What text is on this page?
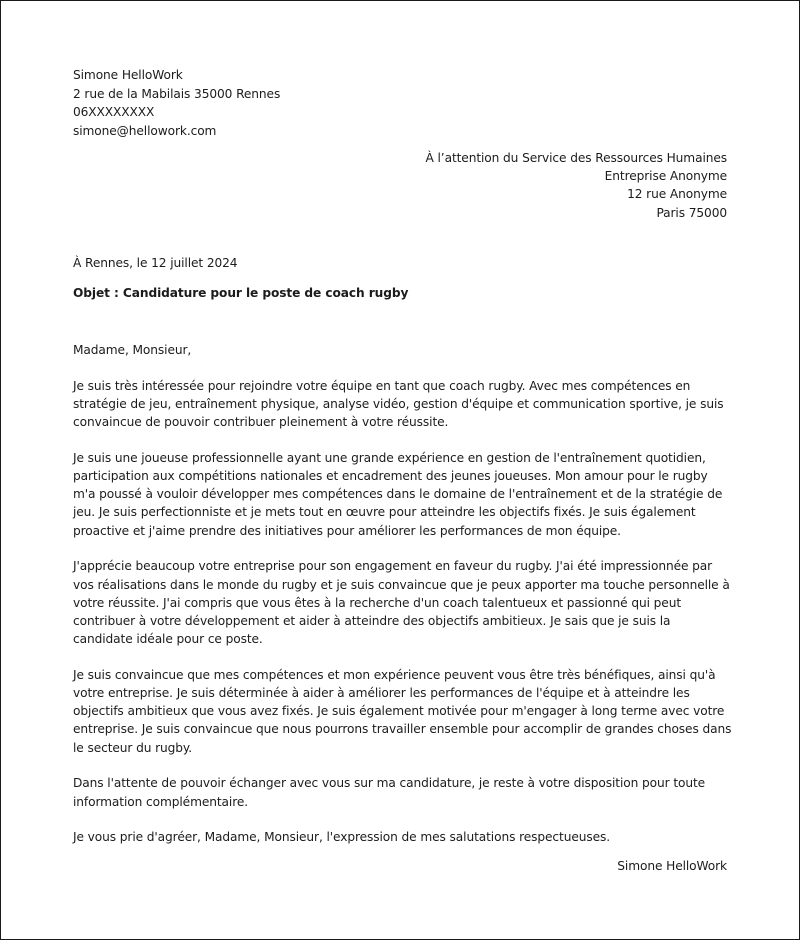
Simone HelloWork
2 rue de la Mabilais 35000 Rennes
06XXXXXXXX
simone@hellowork.com
À l’attention du Service des Ressources Humaines
Entreprise Anonyme
12 rue Anonyme
Paris 75000
À Rennes, le 12 juillet 2024
Objet : Candidature pour le poste de coach rugby

Madame, Monsieur,

Je suis très intéressée pour rejoindre votre équipe en tant que coach rugby. Avec mes compétences en stratégie de jeu, entraînement physique, analyse vidéo, gestion d'équipe et communication sportive, je suis convaincue de pouvoir contribuer pleinement à votre réussite.

Je suis une joueuse professionnelle ayant une grande expérience en gestion de l'entraînement quotidien, participation aux compétitions nationales et encadrement des jeunes joueuses. Mon amour pour le rugby m'a poussé à vouloir développer mes compétences dans le domaine de l'entraînement et de la stratégie de jeu. Je suis perfectionniste et je mets tout en œuvre pour atteindre les objectifs fixés. Je suis également proactive et j'aime prendre des initiatives pour améliorer les performances de mon équipe.

J'apprécie beaucoup votre entreprise pour son engagement en faveur du rugby. J'ai été impressionnée par vos réalisations dans le monde du rugby et je suis convaincue que je peux apporter ma touche personnelle à votre réussite. J'ai compris que vous êtes à la recherche d'un coach talentueux et passionné qui peut contribuer à votre développement et aider à atteindre des objectifs ambitieux. Je sais que je suis la candidate idéale pour ce poste.

Je suis convaincue que mes compétences et mon expérience peuvent vous être très bénéfiques, ainsi qu'à votre entreprise. Je suis déterminée à aider à améliorer les performances de l'équipe et à atteindre les objectifs ambitieux que vous avez fixés. Je suis également motivée pour m'engager à long terme avec votre entreprise. Je suis convaincue que nous pourrons travailler ensemble pour accomplir de grandes choses dans le secteur du rugby.

Dans l'attente de pouvoir échanger avec vous sur ma candidature, je reste à votre disposition pour toute information complémentaire.

Je vous prie d'agréer, Madame, Monsieur, l'expression de mes salutations respectueuses.

Simone HelloWork
